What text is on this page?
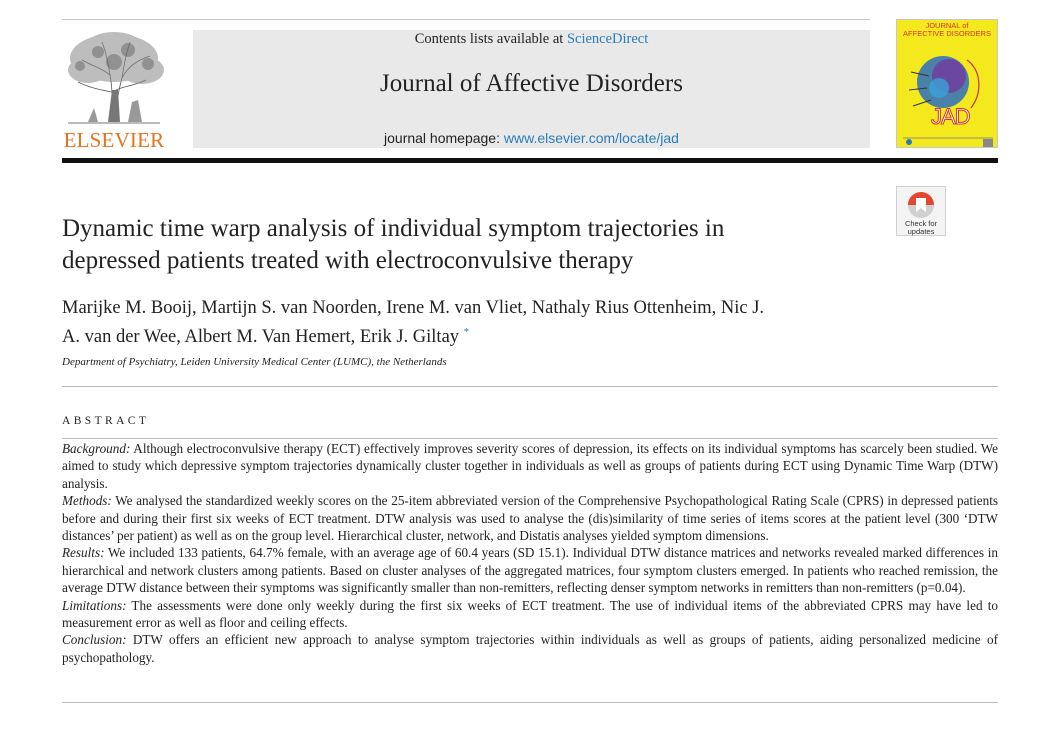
ELSEVIER
Contents lists available at ScienceDirect
Journal of Affective Disorders
journal homepage: www.elsevier.com/locate/jad
JOURNAL of
AFFECTIVE DISORDERS
JAD
Check for
updates
Dynamic time warp analysis of individual symptom trajectories in
depressed patients treated with electroconvulsive therapy
Marijke M. Booij, Martijn S. van Noorden, Irene M. van Vliet, Nathaly Rius Ottenheim, Nic J.
A. van der Wee, Albert M. Van Hemert, Erik J. Giltay *
Department of Psychiatry, Leiden University Medical Center (LUMC), the Netherlands
ABSTRACT

Background: Although electroconvulsive therapy (ECT) effectively improves severity scores of depression, its effects on its individual symptoms has scarcely been studied. We aimed to study which depressive symptom trajectories dynamically cluster together in individuals as well as groups of patients during ECT using Dynamic Time Warp (DTW) analysis.

Methods: We analysed the standardized weekly scores on the 25-item abbreviated version of the Comprehensive Psychopathological Rating Scale (CPRS) in depressed patients before and during their first six weeks of ECT treatment. DTW analysis was used to analyse the (dis)similarity of time series of items scores at the patient level (300 ‘DTW distances’ per patient) as well as on the group level. Hierarchical cluster, network, and Distatis analyses yielded symptom dimensions.

Results: We included 133 patients, 64.7% female, with an average age of 60.4 years (SD 15.1). Individual DTW distance matrices and networks revealed marked differences in hierarchical and network clusters among patients. Based on cluster analyses of the aggregated matrices, four symptom clusters emerged. In patients who reached remission, the average DTW distance between their symptoms was significantly smaller than non-remitters, reflecting denser symptom networks in remitters than non-remitters (p=0.04).

Limitations: The assessments were done only weekly during the first six weeks of ECT treatment. The use of individual items of the abbreviated CPRS may have led to measurement error as well as floor and ceiling effects.

Conclusion: DTW offers an efficient new approach to analyse symptom trajectories within individuals as well as groups of patients, aiding personalized medicine of psychopathology.
